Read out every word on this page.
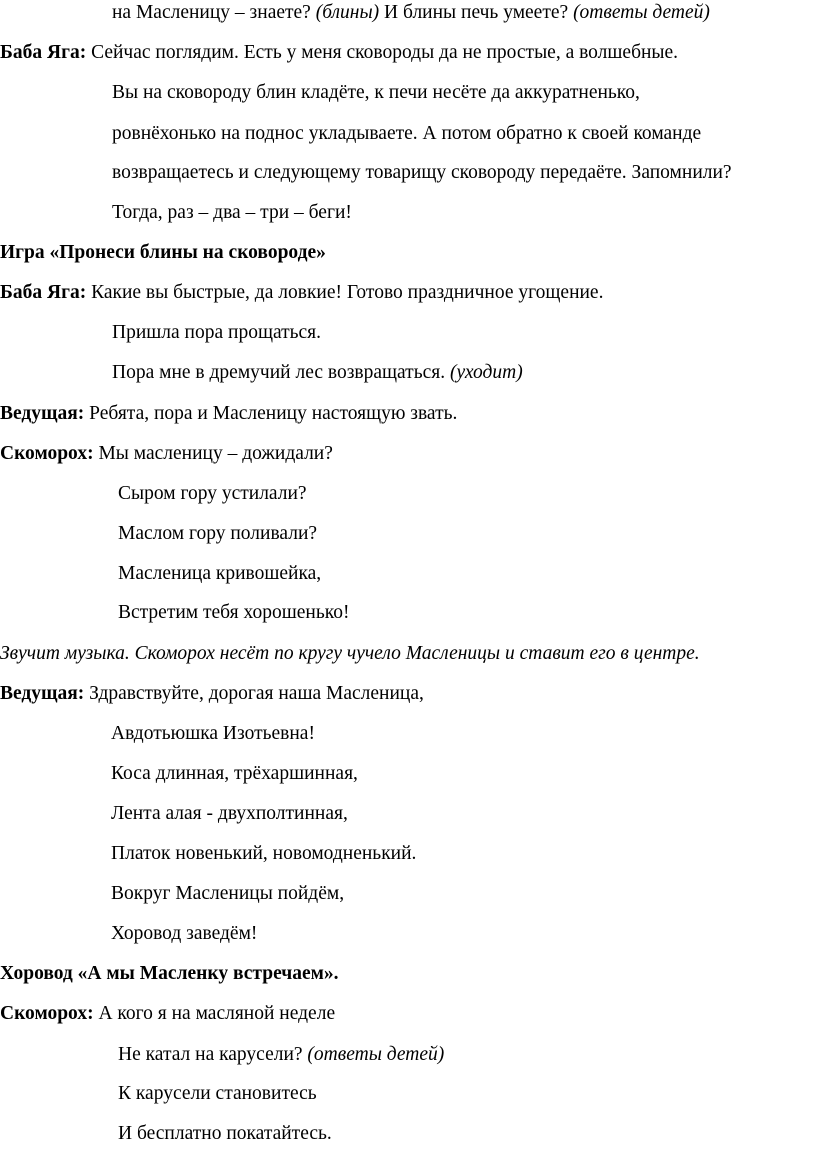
на Масленицу – знаете? (блины) И блины печь умеете? (ответы детей)
Баба Яга: Сейчас поглядим. Есть у меня сковороды да не простые, а волшебные.
Вы на сковороду блин кладёте, к печи несёте да аккуратненько,
ровнёхонько на поднос укладываете. А потом обратно к своей команде
возвращаетесь и следующему товарищу сковороду передаёте. Запомнили?
Тогда, раз – два – три – беги!
Игра «Пронеси блины на сковороде»
Баба Яга: Какие вы быстрые, да ловкие! Готово праздничное угощение.
Пришла пора прощаться.
Пора мне в дремучий лес возвращаться. (уходит)
Ведущая: Ребята, пора и Масленицу настоящую звать.
Скоморох: Мы масленицу – дожидали?
Сыром гору устилали?
Маслом гору поливали?
Масленица кривошейка,
Встретим тебя хорошенько!
Звучит музыка. Скоморох несёт по кругу чучело Масленицы и ставит его в центре.
Ведущая: Здравствуйте, дорогая наша Масленица,
Авдотьюшка Изотьевна!
Коса длинная, трёхаршинная,
Лента алая - двухполтинная,
Платок новенький, новомодненький.
Вокруг Масленицы пойдём,
Хоровод заведём!
Хоровод «А мы Масленку встречаем».
Скоморох: А кого я на масляной неделе
Не катал на карусели? (ответы детей)
К карусели становитесь
И бесплатно покатайтесь.
